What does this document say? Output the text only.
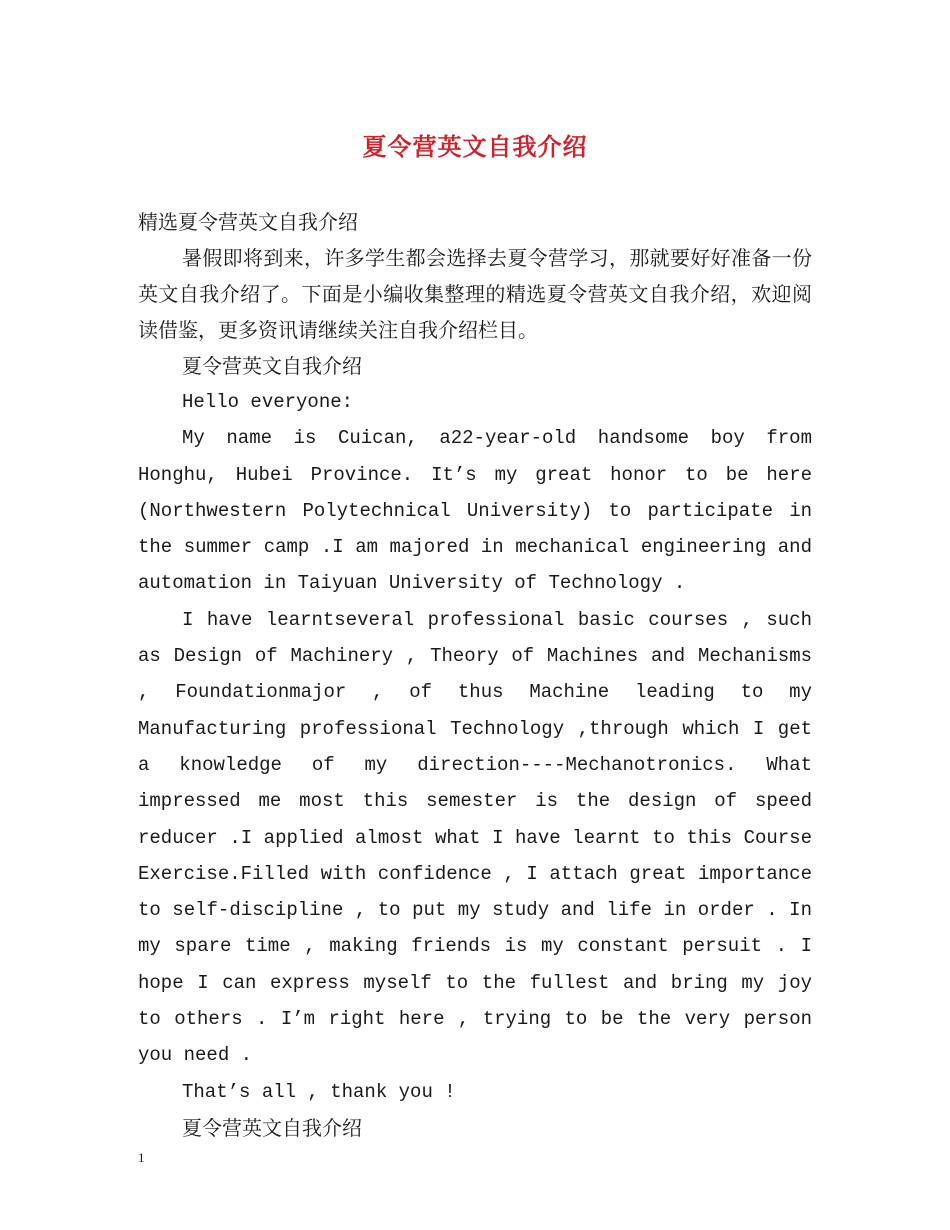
夏令营英文自我介绍

精选夏令营英文自我介绍

暑假即将到来，许多学生都会选择去夏令营学习，那就要好好准备一份英文自我介绍了。下面是小编收集整理的精选夏令营英文自我介绍，欢迎阅读借鉴，更多资讯请继续关注自我介绍栏目。

夏令营英文自我介绍

Hello everyone:

My name is Cuican, a22-year-old handsome boy from Honghu, Hubei Province. It’s my great honor to be here (Northwestern Polytechnical University) to participate in the summer camp .I am majored in mechanical engineering and automation in Taiyuan University of Technology .

I have learntseveral professional basic courses , such as Design of Machinery , Theory of Machines and Mechanisms , Foundationmajor , of thus Machine leading to my Manufacturing professional Technology ,through which I get a knowledge of my direction----Mechanotronics. What impressed me most this semester is the design of speed reducer .I applied almost what I have learnt to this Course Exercise.Filled with confidence , I attach great importance to self-discipline , to put my study and life in order . In my spare time , making friends is my constant persuit . I hope I can express myself to the fullest and bring my joy to others . I’m right here , trying to be the very person you need .

That’s all , thank you !

夏令营英文自我介绍

1
